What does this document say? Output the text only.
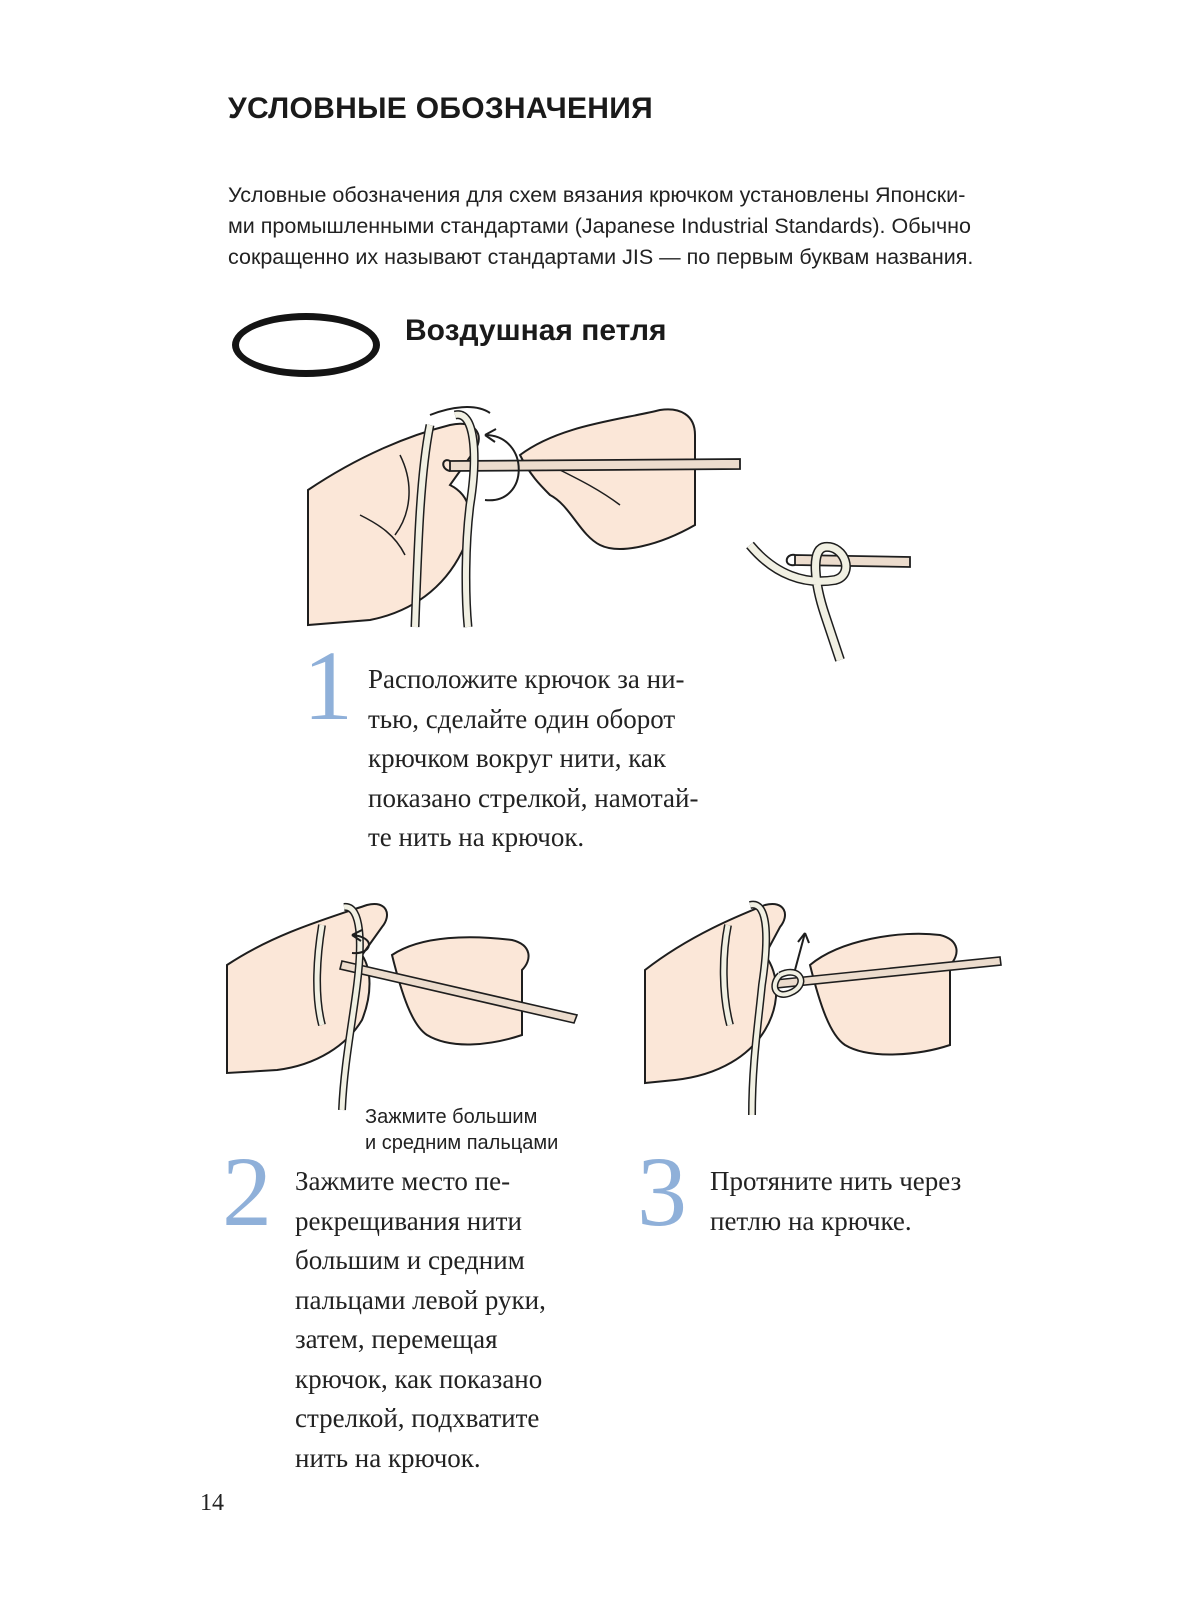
УСЛОВНЫЕ ОБОЗНАЧЕНИЯ

Условные обозначения для схем вязания крючком установлены Японски-
ми промышленными стандартами (Japanese Industrial Standards). Обычно
сокращенно их называют стандартами JIS — по первым буквам названия.

Воздушная петля
1 Расположите крючок за ни-
тью, сделайте один оборот
крючком вокруг нити, как
показано стрелкой, намотай-
те нить на крючок.

Зажмите большим
и средним пальцами
2 Зажмите место пе-
рекрещивания нити
большим и средним
пальцами левой руки,
затем, перемещая
крючок, как показано
стрелкой, подхватите
нить на крючок.

3 Протяните нить через
петлю на крючке.

14
